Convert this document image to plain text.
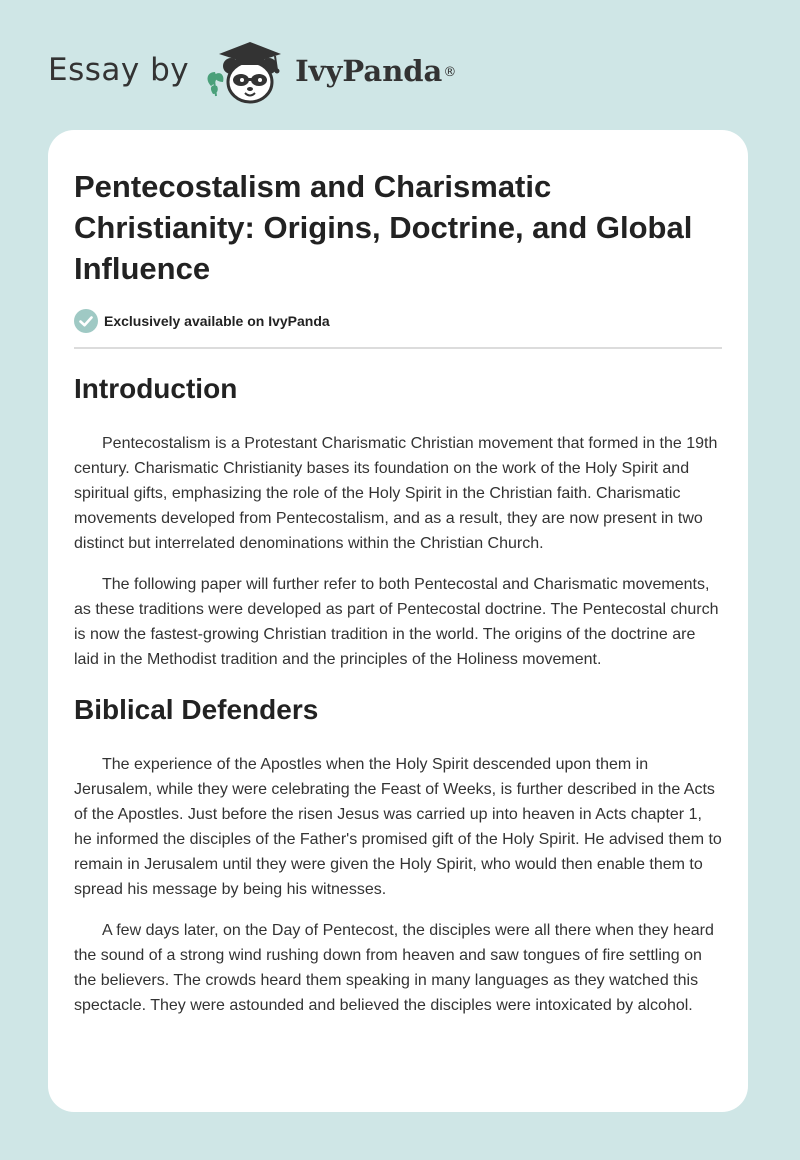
Essay by	IvyPanda ®
Pentecostalism and Charismatic Christianity: Origins, Doctrine, and Global Influence
Exclusively available on IvyPanda
Introduction

Pentecostalism is a Protestant Charismatic Christian movement that formed in the 19th century. Charismatic Christianity bases its foundation on the work of the Holy Spirit and spiritual gifts, emphasizing the role of the Holy Spirit in the Christian faith. Charismatic movements developed from Pentecostalism, and as a result, they are now present in two distinct but interrelated denominations within the Christian Church.

The following paper will further refer to both Pentecostal and Charismatic movements, as these traditions were developed as part of Pentecostal doctrine. The Pentecostal church is now the fastest-growing Christian tradition in the world. The origins of the doctrine are laid in the Methodist tradition and the principles of the Holiness movement.

Biblical Defenders

The experience of the Apostles when the Holy Spirit descended upon them in Jerusalem, while they were celebrating the Feast of Weeks, is further described in the Acts of the Apostles. Just before the risen Jesus was carried up into heaven in Acts chapter 1, he informed the disciples of the Father's promised gift of the Holy Spirit. He advised them to remain in Jerusalem until they were given the Holy Spirit, who would then enable them to spread his message by being his witnesses.

A few days later, on the Day of Pentecost, the disciples were all there when they heard the sound of a strong wind rushing down from heaven and saw tongues of fire settling on the believers. The crowds heard them speaking in many languages as they watched this spectacle. They were astounded and believed the disciples were intoxicated by alcohol.
